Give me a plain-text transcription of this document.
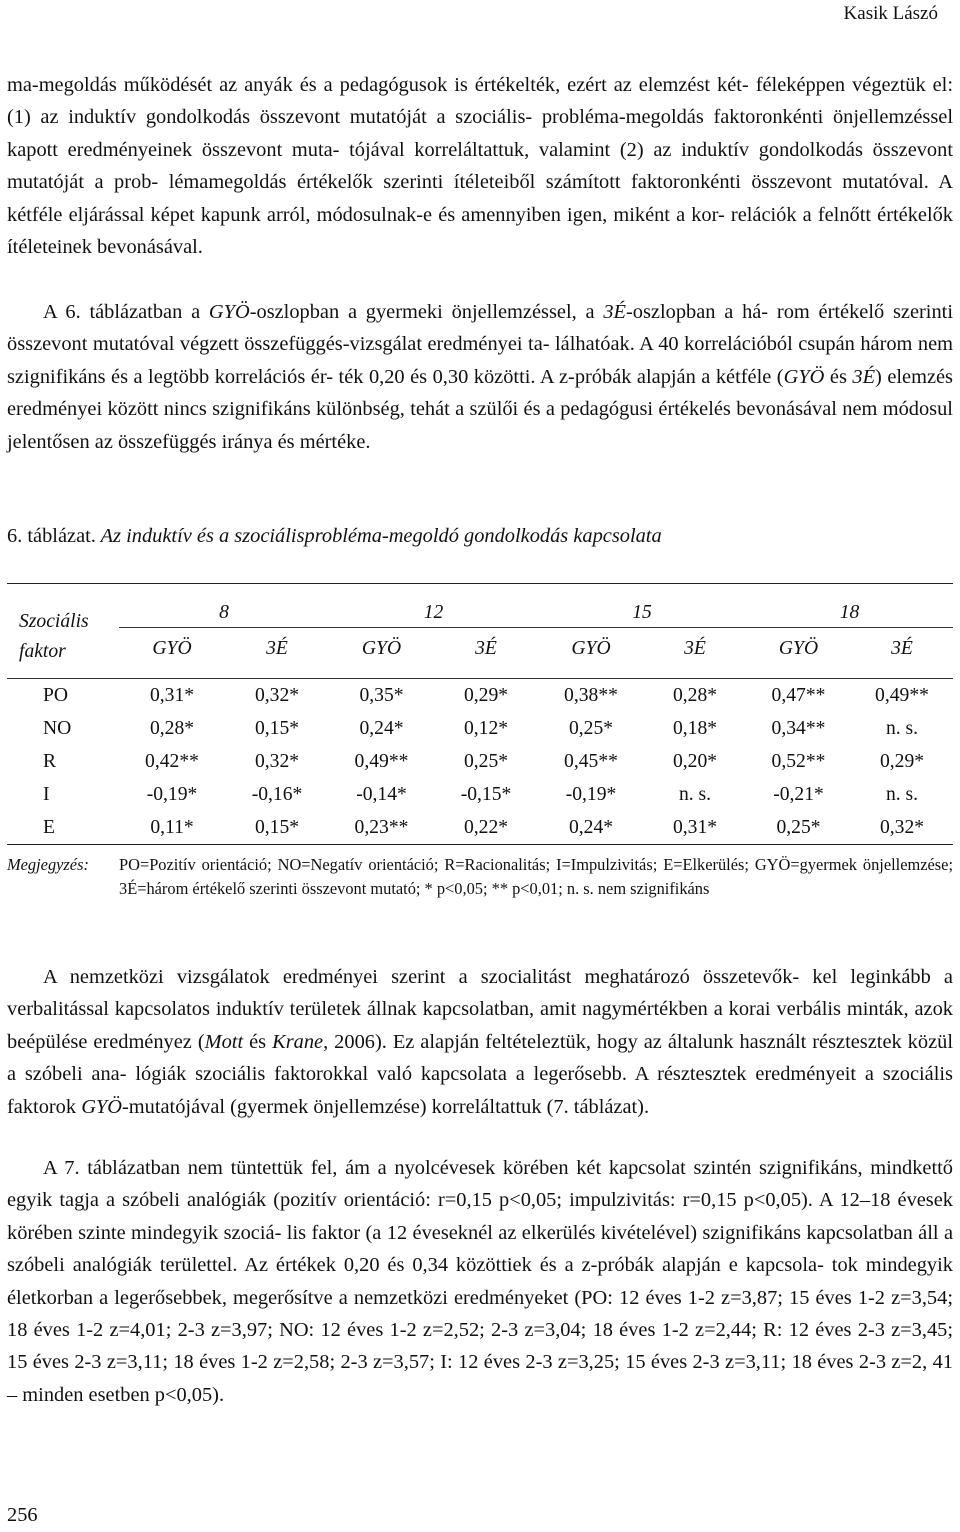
Kasik Lászó

ma-megoldás működését az anyák és a pedagógusok is értékelték, ezért az elemzést két- féleképpen végeztük el: (1) az induktív gondolkodás összevont mutatóját a szociális- probléma-megoldás faktoronkénti önjellemzéssel kapott eredményeinek összevont muta- tójával korreláltattuk, valamint (2) az induktív gondolkodás összevont mutatóját a prob- lémamegoldás értékelők szerinti ítéleteiből számított faktoronkénti összevont mutatóval. A kétféle eljárással képet kapunk arról, módosulnak-e és amennyiben igen, miként a kor- relációk a felnőtt értékelők ítéleteinek bevonásával.

A 6. táblázatban a GYÖ-oszlopban a gyermeki önjellemzéssel, a 3É-oszlopban a há- rom értékelő szerinti összevont mutatóval végzett összefüggés-vizsgálat eredményei ta- lálhatóak. A 40 korrelációból csupán három nem szignifikáns és a legtöbb korrelációs ér- ték 0,20 és 0,30 közötti. A z-próbák alapján a kétféle (GYÖ és 3É) elemzés eredményei között nincs szignifikáns különbség, tehát a szülői és a pedagógusi értékelés bevonásával nem módosul jelentősen az összefüggés iránya és mértéke.

6. táblázat. Az induktív és a szociálisprobléma-megoldó gondolkodás kapcsolata

Szociális
faktor	8		12		15		18	
	GYÖ	3É	GYÖ	3É	GYÖ	3É	GYÖ	3É

PO	0,31*	0,32*	0,35*	0,29*	0,38**	0,28*	0,47**	0,49**
NO	0,28*	0,15*	0,24*	0,12*	0,25*	0,18*	0,34**	n. s.
R	0,42**	0,32*	0,49**	0,25*	0,45**	0,20*	0,52**	0,29*
I	-0,19*	-0,16*	-0,14*	-0,15*	-0,19*	n. s.	-0,21*	n. s.
E	0,11*	0,15*	0,23**	0,22*	0,24*	0,31*	0,25*	0,32*

Megjegyzés: PO=Pozitív orientáció; NO=Negatív orientáció; R=Racionalitás; I=Impulzivitás; E=Elkerülés; GYÖ=gyermek önjellemzése; 3É=három értékelő szerinti összevont mutató; * p<0,05; ** p<0,01; n. s. nem szignifikáns

A nemzetközi vizsgálatok eredményei szerint a szocialitást meghatározó összetevők- kel leginkább a verbalitással kapcsolatos induktív területek állnak kapcsolatban, amit nagymértékben a korai verbális minták, azok beépülése eredményez (Mott és Krane, 2006). Ez alapján feltételeztük, hogy az általunk használt résztesztek közül a szóbeli ana- lógiák szociális faktorokkal való kapcsolata a legerősebb. A résztesztek eredményeit a szociális faktorok GYÖ-mutatójával (gyermek önjellemzése) korreláltattuk (7. táblázat).

A 7. táblázatban nem tüntettük fel, ám a nyolcévesek körében két kapcsolat szintén szignifikáns, mindkettő egyik tagja a szóbeli analógiák (pozitív orientáció: r=0,15 p<0,05; impulzivitás: r=0,15 p<0,05). A 12–18 évesek körében szinte mindegyik szociá- lis faktor (a 12 éveseknél az elkerülés kivételével) szignifikáns kapcsolatban áll a szóbeli analógiák területtel. Az értékek 0,20 és 0,34 közöttiek és a z-próbák alapján e kapcsola- tok mindegyik életkorban a legerősebbek, megerősítve a nemzetközi eredményeket (PO: 12 éves 1-2 z=3,87; 15 éves 1-2 z=3,54; 18 éves 1-2 z=4,01; 2-3 z=3,97; NO: 12 éves 1-2 z=2,52; 2-3 z=3,04; 18 éves 1-2 z=2,44; R: 12 éves 2-3 z=3,45; 15 éves 2-3 z=3,11; 18 éves 1-2 z=2,58; 2-3 z=3,57; I: 12 éves 2-3 z=3,25; 15 éves 2-3 z=3,11; 18 éves 2-3 z=2, 41 – minden esetben p<0,05).

256
